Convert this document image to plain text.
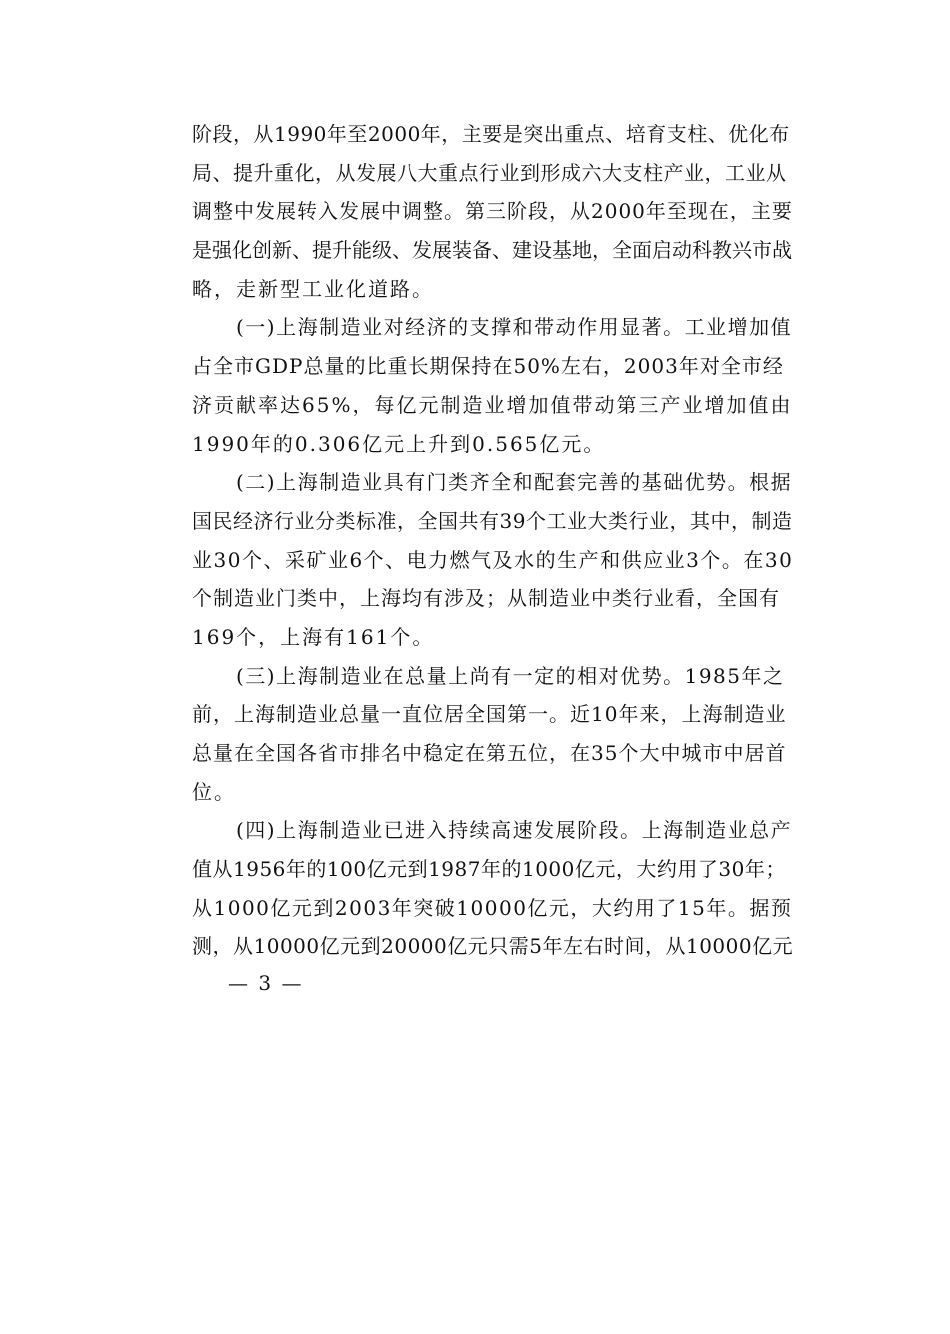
阶段，从1990年至2000年，主要是突出重点、培育支柱、优化布
局、提升重化，从发展八大重点行业到形成六大支柱产业，工业从
调整中发展转入发展中调整。第三阶段，从2000年至现在，主要
是强化创新、提升能级、发展装备、建设基地，全面启动科教兴市战
略，走新型工业化道路。
(一)上海制造业对经济的支撑和带动作用显著。工业增加值
占全市GDP总量的比重长期保持在50%左右，2003年对全市经
济贡献率达65%，每亿元制造业增加值带动第三产业增加值由
1990年的0.306亿元上升到0.565亿元。
(二)上海制造业具有门类齐全和配套完善的基础优势。根据
国民经济行业分类标准，全国共有39个工业大类行业，其中，制造
业30个、采矿业6个、电力燃气及水的生产和供应业3个。在30
个制造业门类中，上海均有涉及；从制造业中类行业看，全国有
169个，上海有161个。
(三)上海制造业在总量上尚有一定的相对优势。1985年之
前，上海制造业总量一直位居全国第一。近10年来，上海制造业
总量在全国各省市排名中稳定在第五位，在35个大中城市中居首
位。
(四)上海制造业已进入持续高速发展阶段。上海制造业总产
值从1956年的100亿元到1987年的1000亿元，大约用了30年；
从1000亿元到2003年突破10000亿元，大约用了15年。据预
测，从10000亿元到20000亿元只需5年左右时间，从10000亿元
— 3 —
